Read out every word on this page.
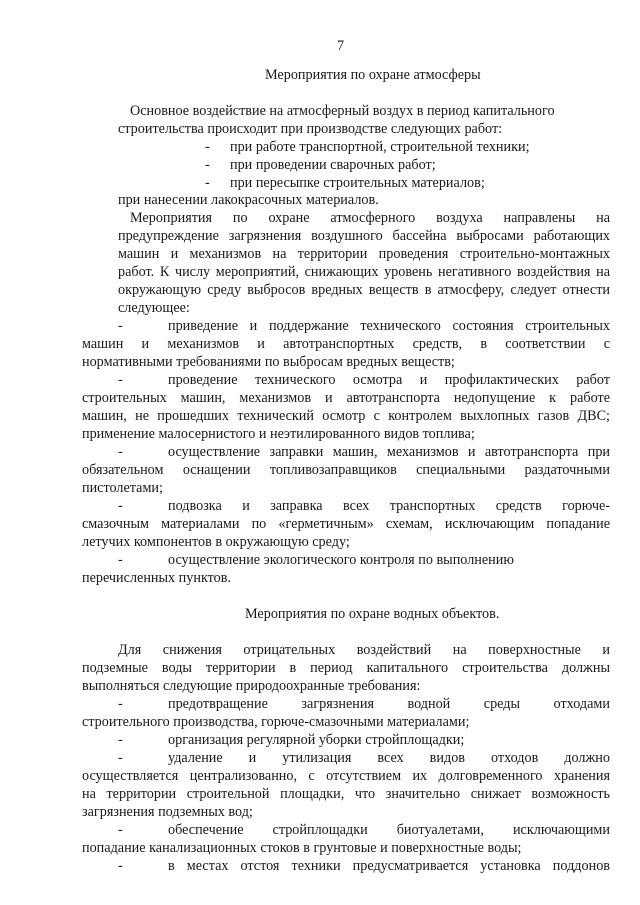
7
Мероприятия по охране атмосферы
Основное воздействие на атмосферный воздух в период капитального
строительства происходит при производстве следующих работ:
- при работе транспортной, строительной техники;
- при проведении сварочных работ;
- при пересыпке строительных материалов;
при нанесении лакокрасочных материалов.
Мероприятия по охране атмосферного воздуха направлены на
предупреждение загрязнения воздушного бассейна выбросами работающих
машин и механизмов на территории проведения строительно-монтажных
работ. К числу мероприятий, снижающих уровень негативного воздействия на
окружающую среду выбросов вредных веществ в атмосферу, следует отнести
следующее:
-	приведение и поддержание технического состояния строительных
машин и механизмов и автотранспортных средств, в соответствии с
нормативными требованиями по выбросам вредных веществ;
-	проведение технического осмотра и профилактических работ
строительных машин, механизмов и автотранспорта недопущение к работе
машин, не прошедших технический осмотр с контролем выхлопных газов ДВС;
применение малосернистого и неэтилированного видов топлива;
-	осуществление заправки машин, механизмов и автотранспорта при
обязательном оснащении топливозаправщиков специальными раздаточными
пистолетами;
-	подвозка и заправка всех транспортных средств горюче-
смазочным материалами по «герметичным» схемам, исключающим попадание
летучих компонентов в окружающую среду;
-	осуществление экологического контроля по выполнению
перечисленных пунктов.
Мероприятия по охране водных объектов.
Для снижения отрицательных воздействий на поверхностные и
подземные воды территории в период капитального строительства должны
выполняться следующие природоохранные требования:
-	предотвращение загрязнения водной среды отходами
строительного производства, горюче-смазочными материалами;
-	организация регулярной уборки стройплощадки;
-	удаление и утилизация всех видов отходов должно
осуществляется централизованно, с отсутствием их долговременного хранения
на территории строительной площадки, что значительно снижает возможность
загрязнения подземных вод;
-	обеспечение стройплощадки биотуалетами, исключающими
попадание канализационных стоков в грунтовые и поверхностные воды;
-	в местах отстоя техники предусматривается установка поддонов
